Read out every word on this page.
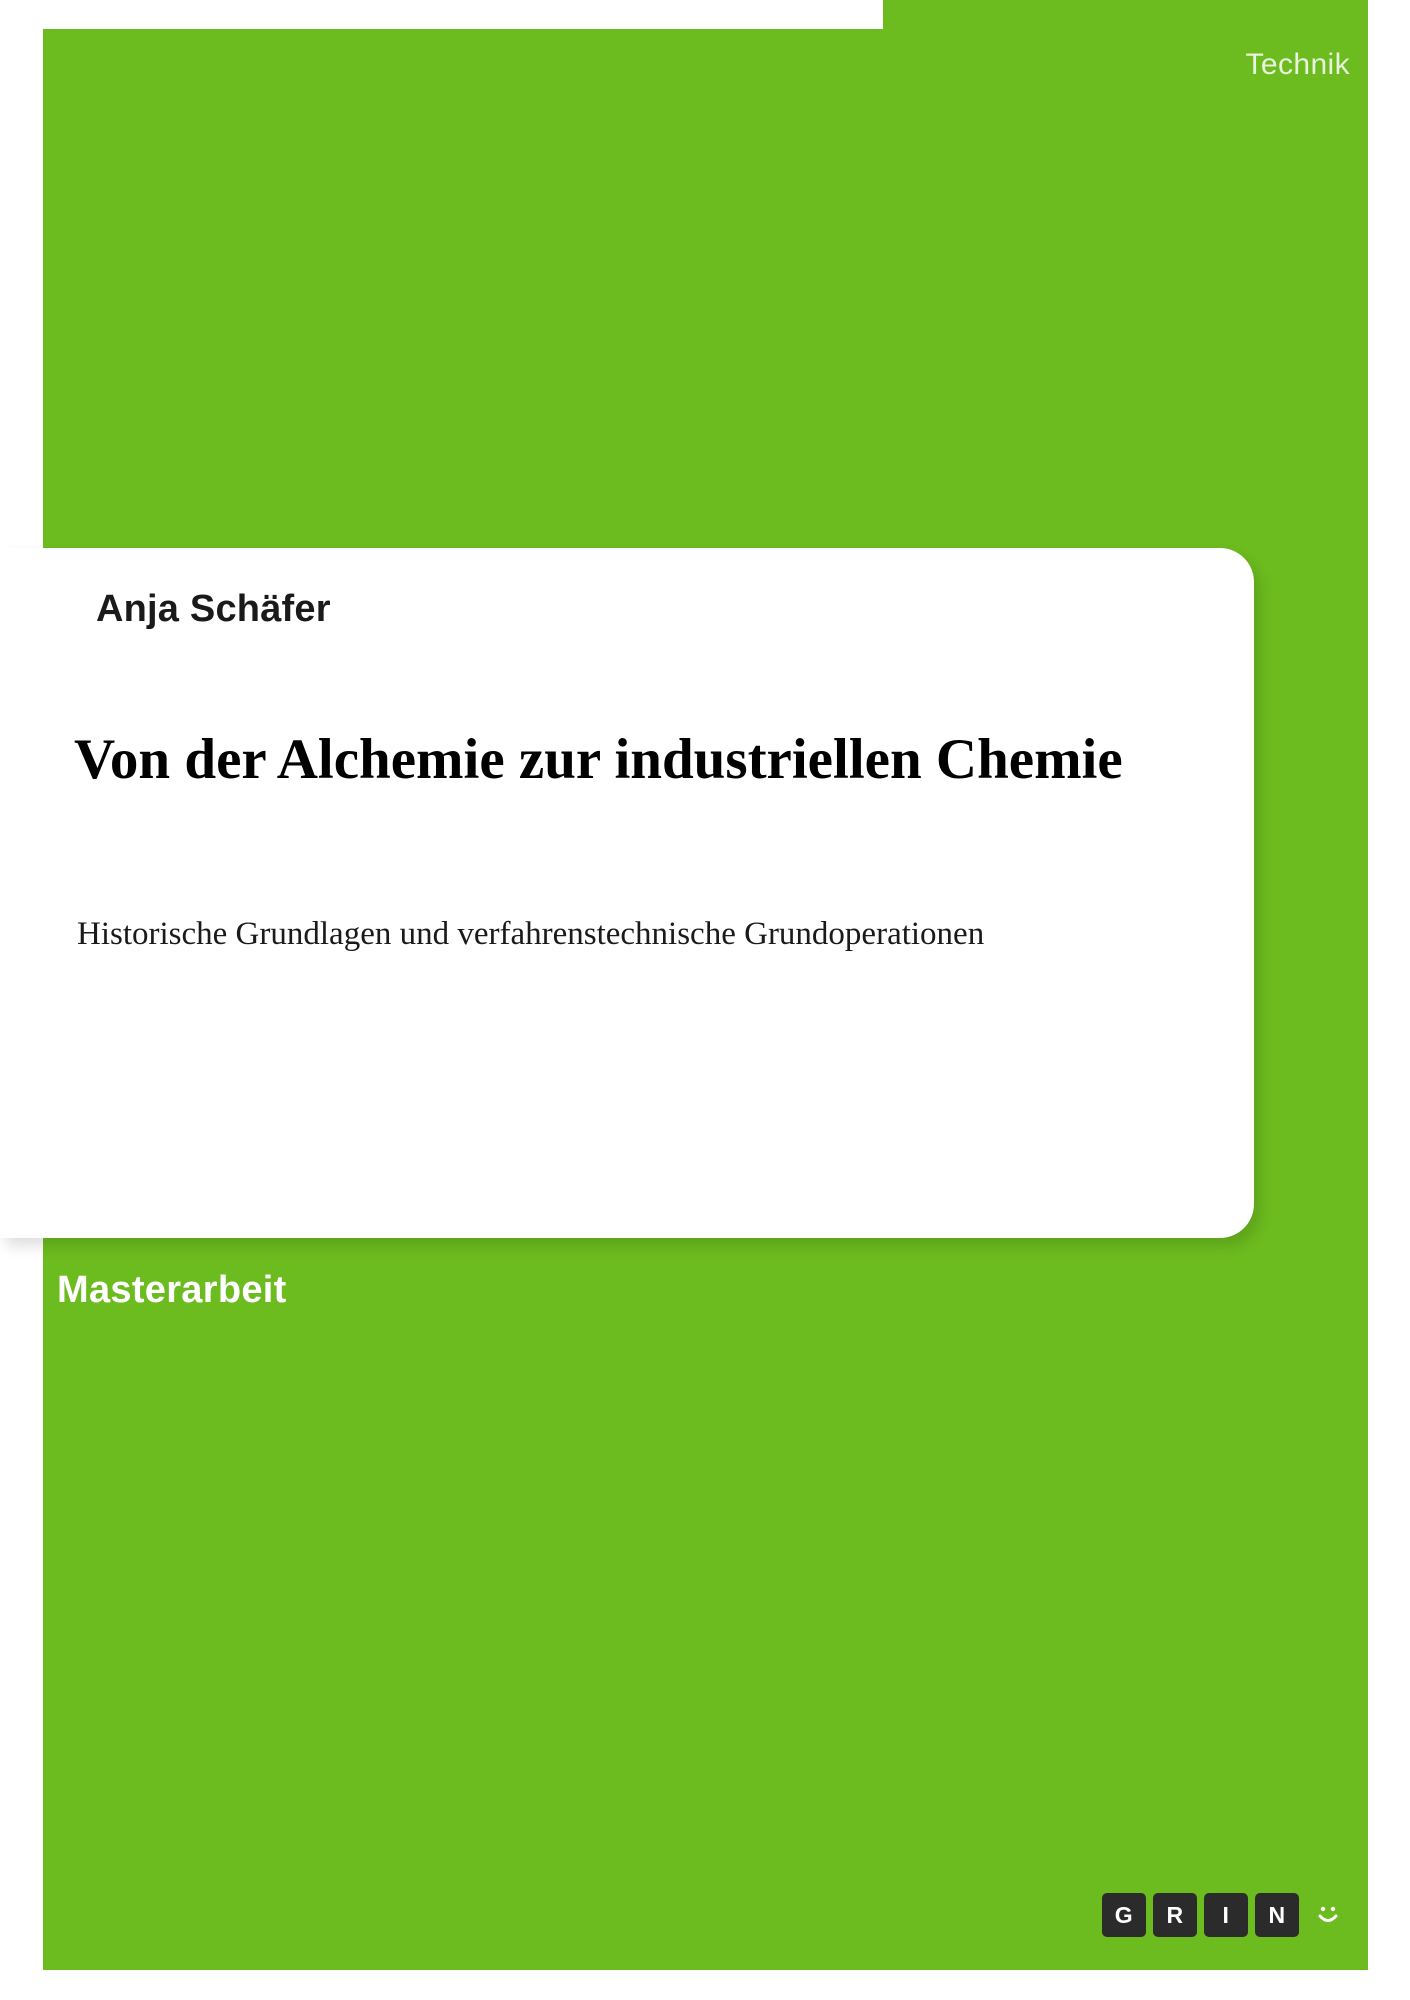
Technik
Anja Schäfer
Von der Alchemie zur industriellen Chemie
Historische Grundlagen und verfahrenstechnische Grundoperationen
Masterarbeit
G	R	I	N
